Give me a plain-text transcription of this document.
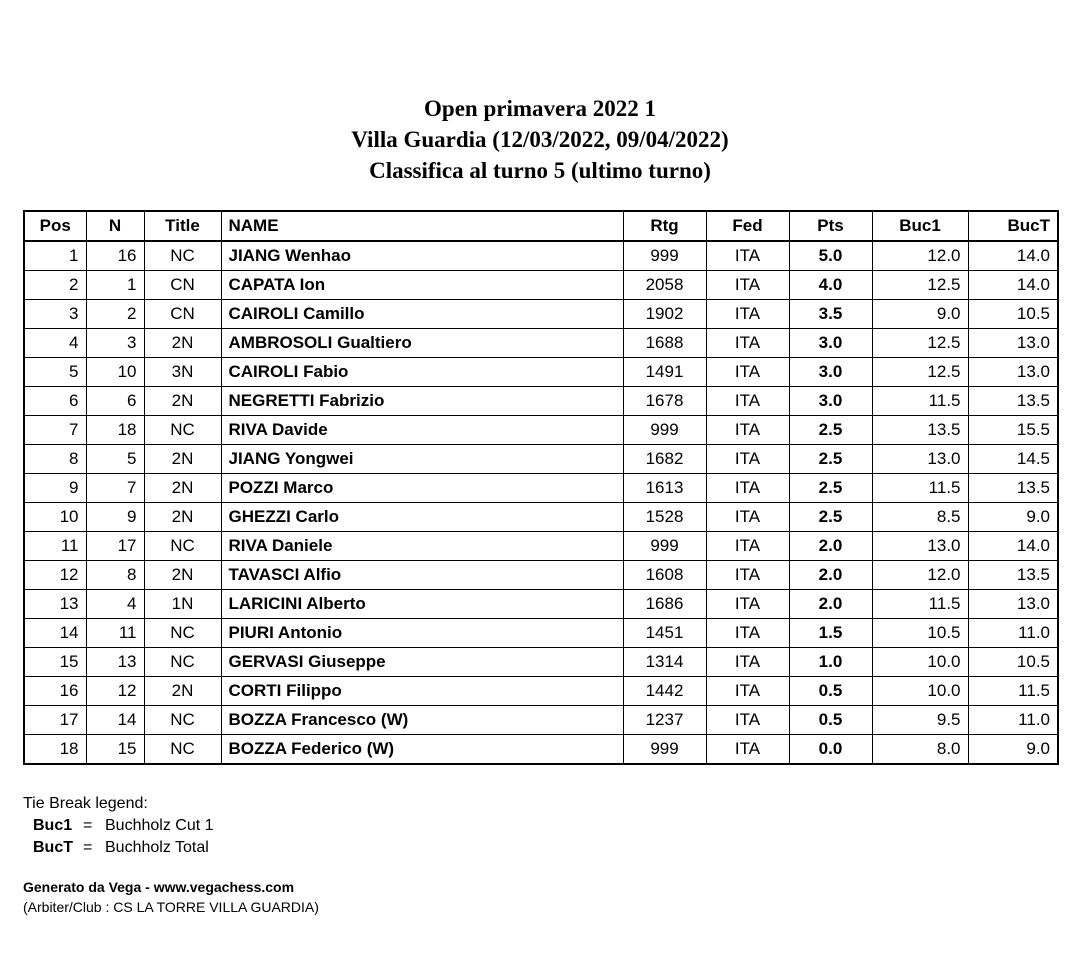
Open primavera 2022 1
Villa Guardia (12/03/2022, 09/04/2022)
Classifica al turno 5 (ultimo turno)
Pos	N	Title	NAME	Rtg	Fed	Pts	Buc1	BucT
1	16	NC	JIANG Wenhao	999	ITA	5.0	12.0	14.0
2	1	CN	CAPATA Ion	2058	ITA	4.0	12.5	14.0
3	2	CN	CAIROLI Camillo	1902	ITA	3.5	9.0	10.5
4	3	2N	AMBROSOLI Gualtiero	1688	ITA	3.0	12.5	13.0
5	10	3N	CAIROLI Fabio	1491	ITA	3.0	12.5	13.0
6	6	2N	NEGRETTI Fabrizio	1678	ITA	3.0	11.5	13.5
7	18	NC	RIVA Davide	999	ITA	2.5	13.5	15.5
8	5	2N	JIANG Yongwei	1682	ITA	2.5	13.0	14.5
9	7	2N	POZZI Marco	1613	ITA	2.5	11.5	13.5
10	9	2N	GHEZZI Carlo	1528	ITA	2.5	8.5	9.0
11	17	NC	RIVA Daniele	999	ITA	2.0	13.0	14.0
12	8	2N	TAVASCI Alfio	1608	ITA	2.0	12.0	13.5
13	4	1N	LARICINI Alberto	1686	ITA	2.0	11.5	13.0
14	11	NC	PIURI Antonio	1451	ITA	1.5	10.5	11.0
15	13	NC	GERVASI Giuseppe	1314	ITA	1.0	10.0	10.5
16	12	2N	CORTI Filippo	1442	ITA	0.5	10.0	11.5
17	14	NC	BOZZA Francesco (W)	1237	ITA	0.5	9.5	11.0
18	15	NC	BOZZA Federico (W)	999	ITA	0.0	8.0	9.0
Tie Break legend:
Buc1 = Buchholz Cut 1
BucT = Buchholz Total
Generato da Vega - www.vegachess.com
(Arbiter/Club : CS LA TORRE VILLA GUARDIA)
